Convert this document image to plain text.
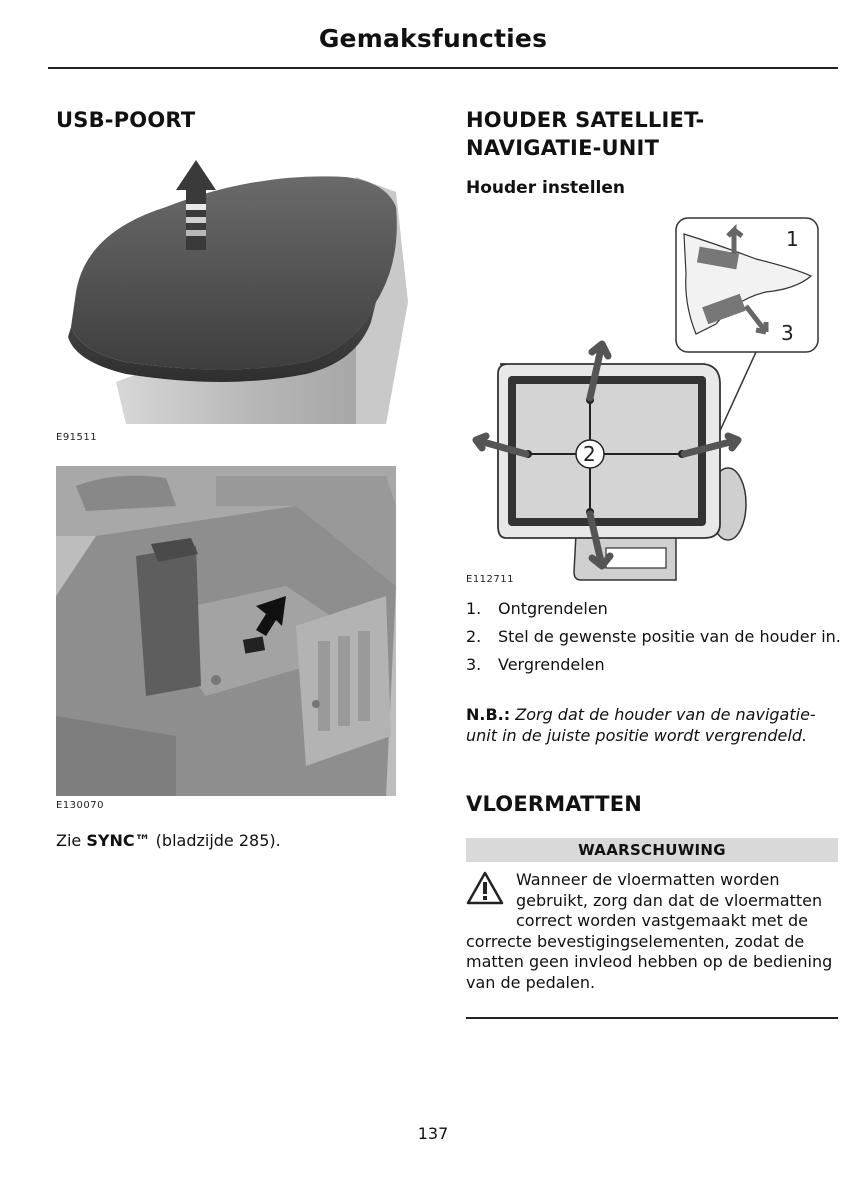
Gemaksfuncties
USB-POORT
E91511
E130070
Zie SYNC™ (bladzijde 285).
HOUDER SATELLIET-
NAVIGATIE-UNIT
Houder instellen
1
3
2
E112711
1.	Ontgrendelen
2.	Stel de gewenste positie van de houder in.
3.	Vergrendelen
N.B.: Zorg dat de houder van de navigatie-unit in de juiste positie wordt vergrendeld.
VLOERMATTEN
WAARSCHUWING
Wanneer de vloermatten worden gebruikt, zorg dan dat de vloermatten correct worden vastgemaakt met de correcte bevestigingselementen, zodat de matten geen invleod hebben op de bediening van de pedalen.
137
